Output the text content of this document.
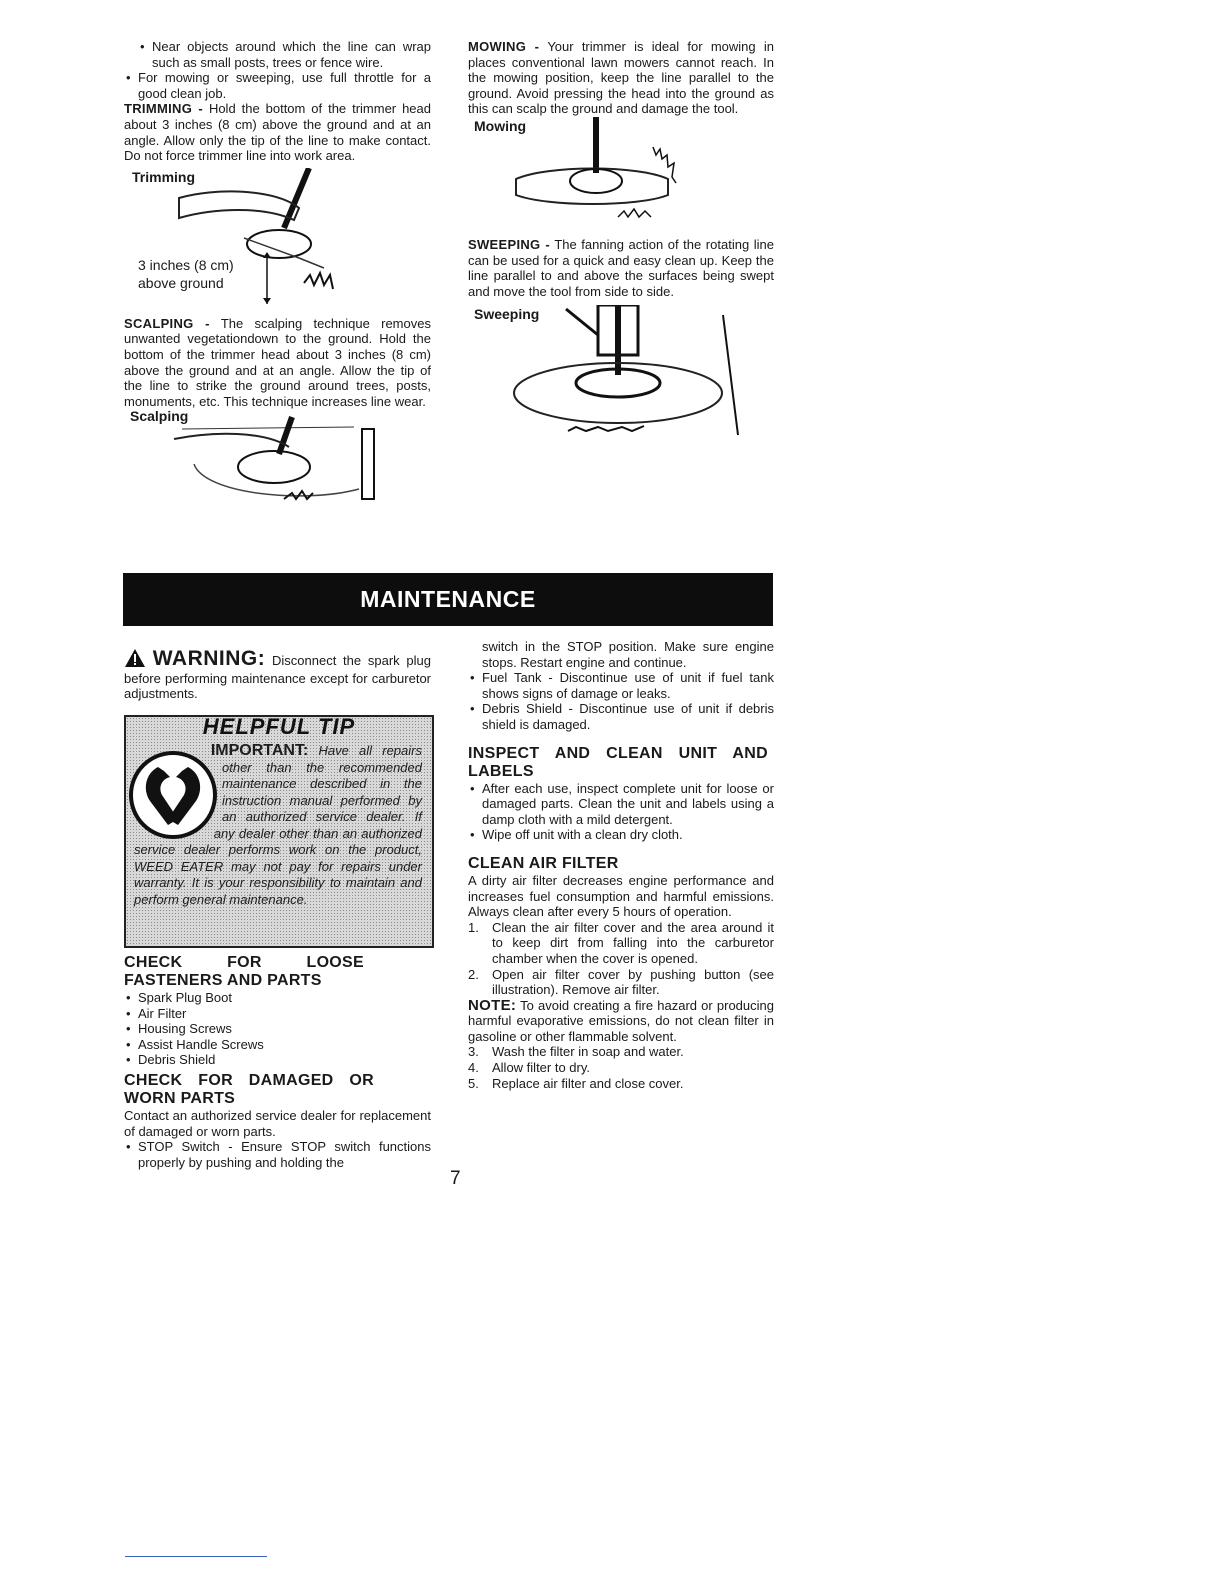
• Near objects around which the line can wrap such as small posts, trees or fence wire.

• For mowing or sweeping, use full throttle for a good clean job.

TRIMMING - Hold the bottom of the trimmer head about 3 inches (8 cm) above the ground and at an angle. Allow only the tip of the line to make contact. Do not force trimmer line into work area.

Trimming
3 inches (8 cm)
above ground

SCALPING - The scalping technique removes unwanted vegetationdown to the ground. Hold the bottom of the trimmer head about 3 inches (8 cm) above the ground and at an angle. Allow the tip of the line to strike the ground around trees, posts, monuments, etc. This technique increases line wear.

Scalping

MOWING - Your trimmer is ideal for mowing in places conventional lawn mowers cannot reach. In the mowing position, keep the line parallel to the ground. Avoid pressing the head into the ground as this can scalp the ground and damage the tool.

Mowing

SWEEPING - The fanning action of the rotating line can be used for a quick and easy clean up. Keep the line parallel to and above the surfaces being swept and move the tool from side to side.

Sweeping
MAINTENANCE

WARNING: Disconnect the spark plug before performing maintenance except for carburetor adjustments.

HELPFUL TIP
IMPORTANT: Have all repairs other than the recommended maintenance described in the instruction manual performed by an authorized service dealer. If any dealer other than an authorized service dealer performs work on the product, WEED EATER may not pay for repairs under warranty. It is your responsibility to maintain and perform general maintenance.

CHECK FOR LOOSE FASTENERS AND PARTS

• Spark Plug Boot

• Air Filter

• Housing Screws

• Assist Handle Screws

• Debris Shield

CHECK FOR DAMAGED OR WORN PARTS

Contact an authorized service dealer for replacement of damaged or worn parts.

• STOP Switch - Ensure STOP switch functions properly by pushing and holding the

switch in the STOP position. Make sure engine stops. Restart engine and continue.

• Fuel Tank - Discontinue use of unit if fuel tank shows signs of damage or leaks.

• Debris Shield - Discontinue use of unit if debris shield is damaged.

INSPECT AND CLEAN UNIT AND LABELS

• After each use, inspect complete unit for loose or damaged parts. Clean the unit and labels using a damp cloth with a mild detergent.

• Wipe off unit with a clean dry cloth.

CLEAN AIR FILTER

A dirty air filter decreases engine performance and increases fuel consumption and harmful emissions. Always clean after every 5 hours of operation.

1. Clean the air filter cover and the area around it to keep dirt from falling into the carburetor chamber when the cover is opened.

2. Open air filter cover by pushing button (see illustration). Remove air filter.

NOTE: To avoid creating a fire hazard or producing harmful evaporative emissions, do not clean filter in gasoline or other flammable solvent.

3. Wash the filter in soap and water.

4. Allow filter to dry.

5. Replace air filter and close cover.

7
